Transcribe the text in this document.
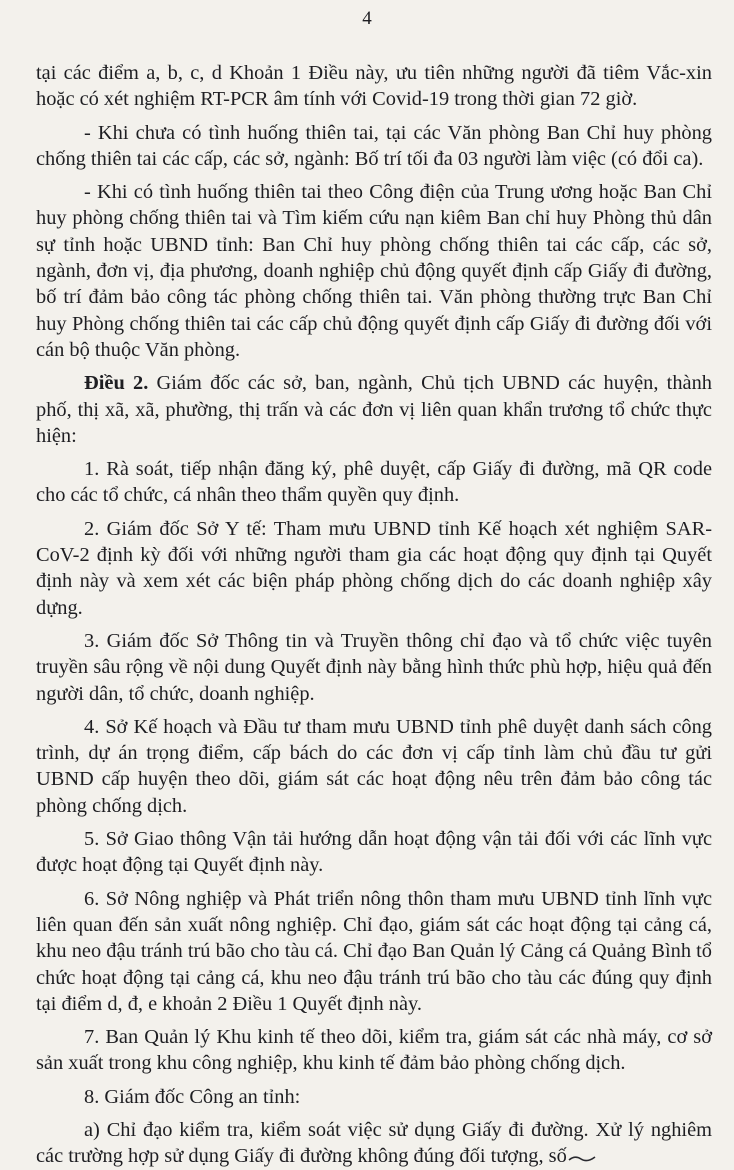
4

tại các điểm a, b, c, d Khoản 1 Điều này, ưu tiên những người đã tiêm Vắc-xin hoặc có xét nghiệm RT-PCR âm tính với Covid-19 trong thời gian 72 giờ.

- Khi chưa có tình huống thiên tai, tại các Văn phòng Ban Chỉ huy phòng chống thiên tai các cấp, các sở, ngành: Bố trí tối đa 03 người làm việc (có đổi ca).

- Khi có tình huống thiên tai theo Công điện của Trung ương hoặc Ban Chỉ huy phòng chống thiên tai và Tìm kiếm cứu nạn kiêm Ban chỉ huy Phòng thủ dân sự tỉnh hoặc UBND tỉnh: Ban Chỉ huy phòng chống thiên tai các cấp, các sở, ngành, đơn vị, địa phương, doanh nghiệp chủ động quyết định cấp Giấy đi đường, bố trí đảm bảo công tác phòng chống thiên tai. Văn phòng thường trực Ban Chỉ huy Phòng chống thiên tai các cấp chủ động quyết định cấp Giấy đi đường đối với cán bộ thuộc Văn phòng.

Điều 2. Giám đốc các sở, ban, ngành, Chủ tịch UBND các huyện, thành phố, thị xã, xã, phường, thị trấn và các đơn vị liên quan khẩn trương tổ chức thực hiện:

1. Rà soát, tiếp nhận đăng ký, phê duyệt, cấp Giấy đi đường, mã QR code cho các tổ chức, cá nhân theo thẩm quyền quy định.

2. Giám đốc Sở Y tế: Tham mưu UBND tỉnh Kế hoạch xét nghiệm SAR-CoV-2 định kỳ đối với những người tham gia các hoạt động quy định tại Quyết định này và xem xét các biện pháp phòng chống dịch do các doanh nghiệp xây dựng.

3. Giám đốc Sở Thông tin và Truyền thông chỉ đạo và tổ chức việc tuyên truyền sâu rộng về nội dung Quyết định này bằng hình thức phù hợp, hiệu quả đến người dân, tổ chức, doanh nghiệp.

4. Sở Kế hoạch và Đầu tư tham mưu UBND tỉnh phê duyệt danh sách công trình, dự án trọng điểm, cấp bách do các đơn vị cấp tỉnh làm chủ đầu tư gửi UBND cấp huyện theo dõi, giám sát các hoạt động nêu trên đảm bảo công tác phòng chống dịch.

5. Sở Giao thông Vận tải hướng dẫn hoạt động vận tải đối với các lĩnh vực được hoạt động tại Quyết định này.

6. Sở Nông nghiệp và Phát triển nông thôn tham mưu UBND tỉnh lĩnh vực liên quan đến sản xuất nông nghiệp. Chỉ đạo, giám sát các hoạt động tại cảng cá, khu neo đậu tránh trú bão cho tàu cá. Chỉ đạo Ban Quản lý Cảng cá Quảng Bình tổ chức hoạt động tại cảng cá, khu neo đậu tránh trú bão cho tàu các đúng quy định tại điểm d, đ, e khoản 2 Điều 1 Quyết định này.

7. Ban Quản lý Khu kinh tế theo dõi, kiểm tra, giám sát các nhà máy, cơ sở sản xuất trong khu công nghiệp, khu kinh tế đảm bảo phòng chống dịch.

8. Giám đốc Công an tỉnh:

a) Chỉ đạo kiểm tra, kiểm soát việc sử dụng Giấy đi đường. Xử lý nghiêm các trường hợp sử dụng Giấy đi đường không đúng đối tượng, số
